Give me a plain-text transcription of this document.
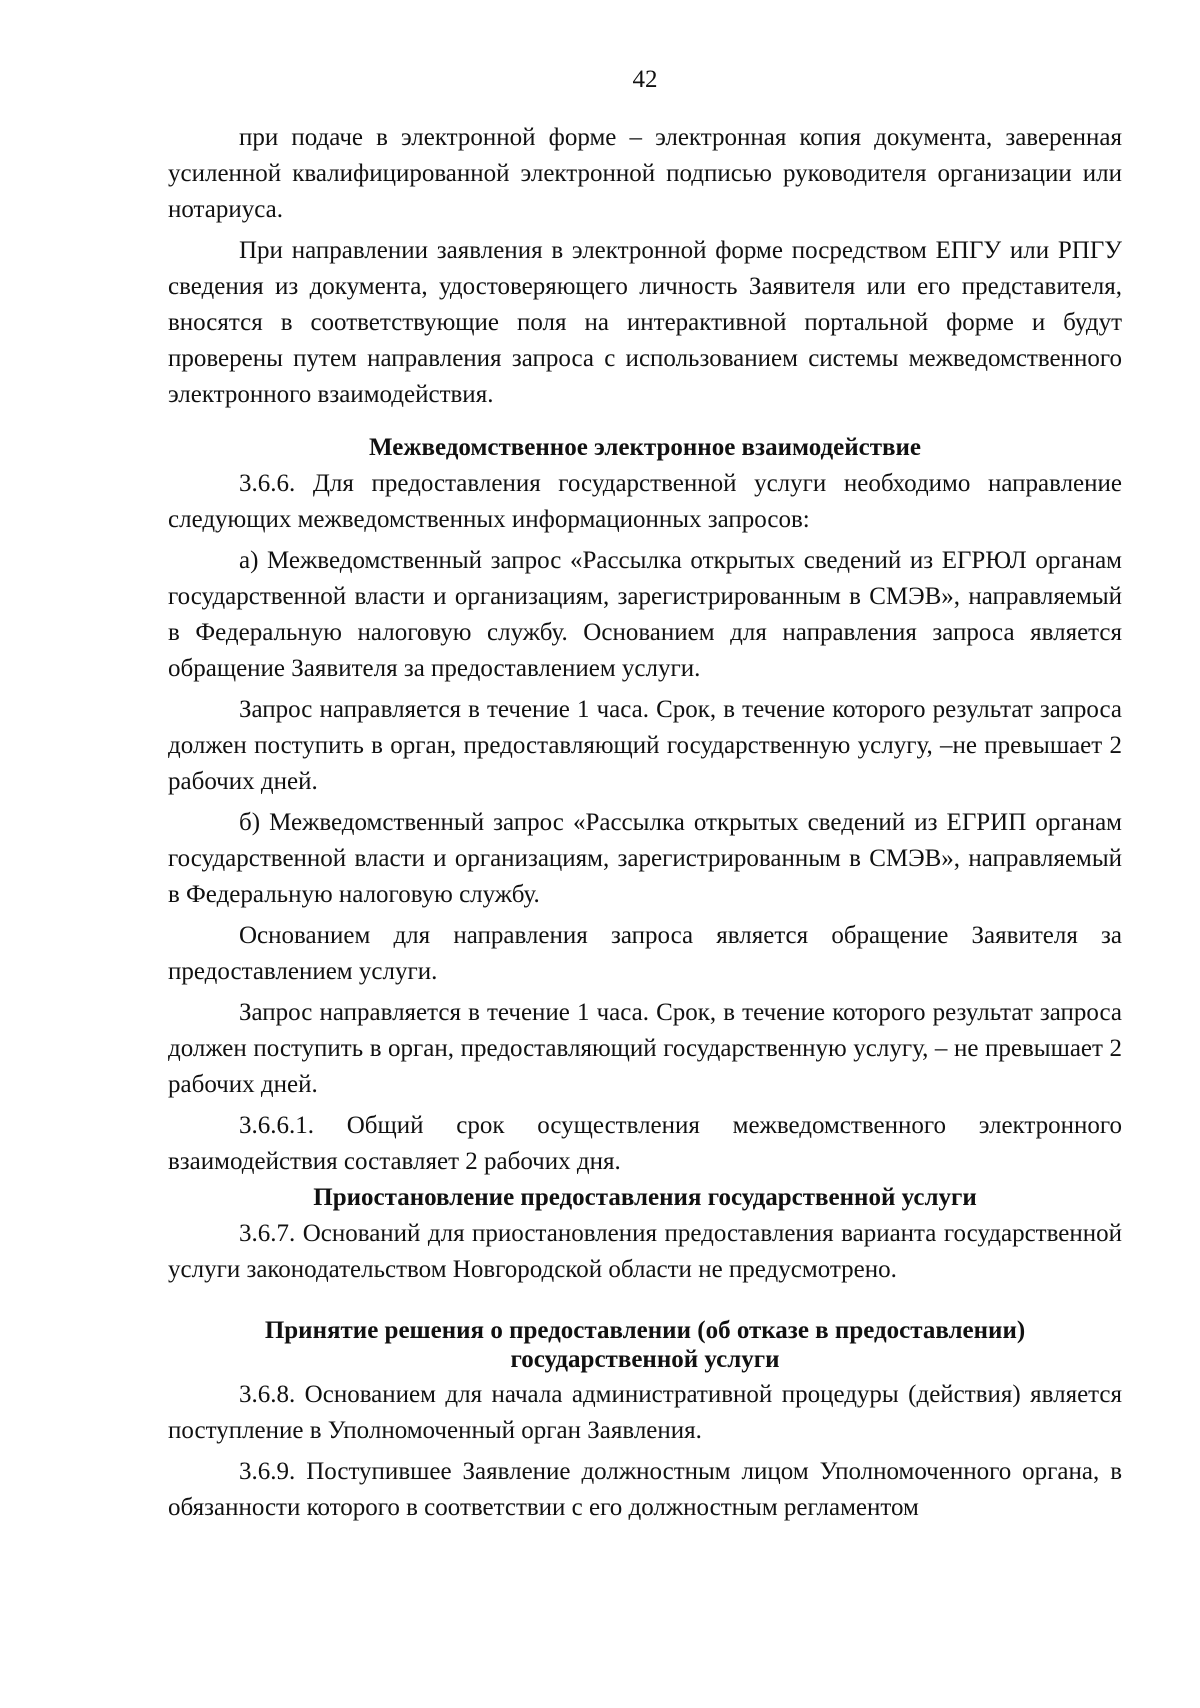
42

при подаче в электронной форме – электронная копия документа, заверенная усиленной квалифицированной электронной подписью руководителя организации или нотариуса.

При направлении заявления в электронной форме посредством ЕПГУ или РПГУ сведения из документа, удостоверяющего личность Заявителя или его представителя, вносятся в соответствующие поля на интерактивной портальной форме и будут проверены путем направления запроса с использованием системы межведомственного электронного взаимодействия.

Межведомственное электронное взаимодействие

3.6.6. Для предоставления государственной услуги необходимо направление следующих межведомственных информационных запросов:

а) Межведомственный запрос «Рассылка открытых сведений из ЕГРЮЛ органам государственной власти и организациям, зарегистрированным в СМЭВ», направляемый в Федеральную налоговую службу. Основанием для направления запроса является обращение Заявителя за предоставлением услуги.

Запрос направляется в течение 1 часа. Срок, в течение которого результат запроса должен поступить в орган, предоставляющий государственную услугу, –не превышает 2 рабочих дней.

б) Межведомственный запрос «Рассылка открытых сведений из ЕГРИП органам государственной власти и организациям, зарегистрированным в СМЭВ», направляемый в Федеральную налоговую службу.

Основанием для направления запроса является обращение Заявителя за предоставлением услуги.

Запрос направляется в течение 1 часа. Срок, в течение которого результат запроса должен поступить в орган, предоставляющий государственную услугу, – не превышает 2 рабочих дней.

3.6.6.1. Общий срок осуществления межведомственного электронного взаимодействия составляет 2 рабочих дня.

Приостановление предоставления государственной услуги

3.6.7. Оснований для приостановления предоставления варианта государственной услуги законодательством Новгородской области не предусмотрено.

Принятие решения о предоставлении (об отказе в предоставлении)
государственной услуги

3.6.8. Основанием для начала административной процедуры (действия) является поступление в Уполномоченный орган Заявления.

3.6.9. Поступившее Заявление должностным лицом Уполномоченного органа, в обязанности которого в соответствии с его должностным регламентом
